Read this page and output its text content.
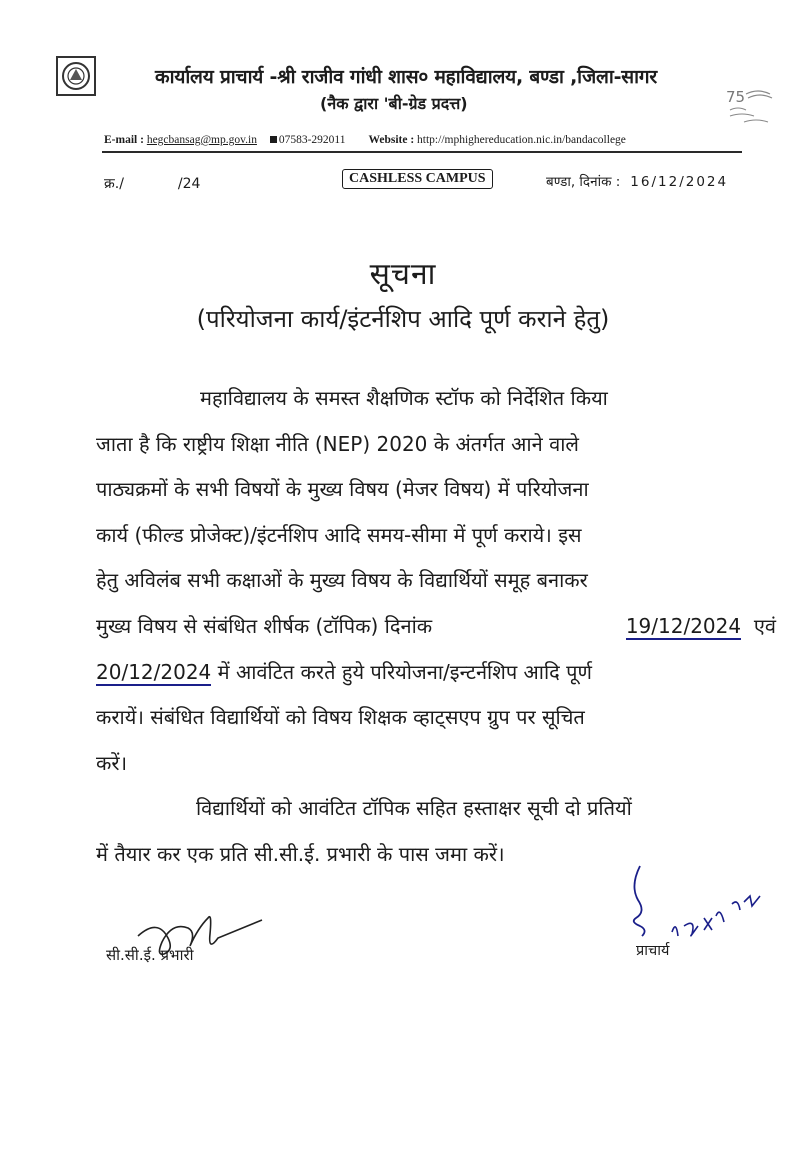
कार्यालय प्राचार्य -श्री राजीव गांधी शास० महाविद्यालय, बण्डा ,जिला-सागर
(नैक द्वारा 'बी-ग्रेड प्रदत्त)	75
E-mail : hegcbansag@mp.gov.in 07583-292011 Website : http://mphighereducation.nic.in/bandacollege
क्र./	/24	CASHLESS CAMPUS	बण्डा, दिनांक : 16/12/2024
सूचना
(परियोजना कार्य/इंटर्नशिप आदि पूर्ण कराने हेतु)
महाविद्यालय के समस्त शैक्षणिक स्टॉफ को निर्देशित किया
जाता है कि राष्ट्रीय शिक्षा नीति (NEP) 2020 के अंतर्गत आने वाले
पाठ्यक्रमों के सभी विषयों के मुख्य विषय (मेजर विषय) में परियोजना
कार्य (फील्ड प्रोजेक्ट)/इंटर्नशिप आदि समय-सीमा में पूर्ण कराये। इस
हेतु अविलंब सभी कक्षाओं के मुख्य विषय के विद्यार्थियों समूह बनाकर
मुख्य विषय से संबंधित शीर्षक (टॉपिक) दिनांक	19/12/2024 एवं
20/12/2024 में आवंटित करते हुये परियोजना/इन्टर्नशिप आदि पूर्ण
करायें। संबंधित विद्यार्थियों को विषय शिक्षक व्हाट्सएप ग्रुप पर सूचित
करें।
विद्यार्थियों को आवंटित टॉपिक सहित हस्ताक्षर सूची दो प्रतियों
में तैयार कर एक प्रति सी.सी.ई. प्रभारी के पास जमा करें।
सी.सी.ई. प्रभारी	प्राचार्य
